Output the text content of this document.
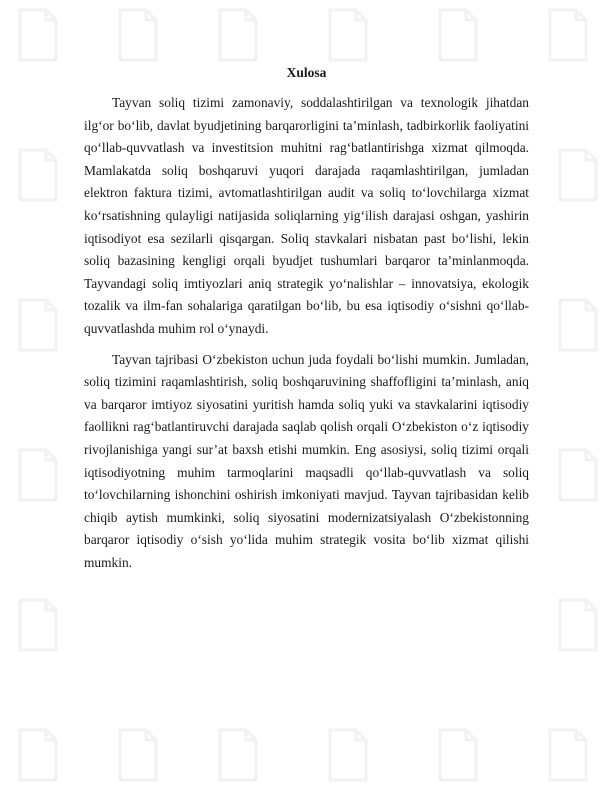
Xulosa

Tayvan soliq tizimi zamonaviy, soddalashtirilgan va texnologik jihatdan ilg‘or bo‘lib, davlat byudjetining barqarorligini ta’minlash, tadbirkorlik faoliyatini qo‘llab-quvvatlash va investitsion muhitni rag‘batlantirishga xizmat qilmoqda. Mamlakatda soliq boshqaruvi yuqori darajada raqamlashtirilgan, jumladan elektron faktura tizimi, avtomatlashtirilgan audit va soliq to‘lovchilarga xizmat ko‘rsatishning qulayligi natijasida soliqlarning yig‘ilish darajasi oshgan, yashirin iqtisodiyot esa sezilarli qisqargan. Soliq stavkalari nisbatan past bo‘lishi, lekin soliq bazasining kengligi orqali byudjet tushumlari barqaror ta’minlanmoqda. Tayvandagi soliq imtiyozlari aniq strategik yo‘nalishlar – innovatsiya, ekologik tozalik va ilm-fan sohalariga qaratilgan bo‘lib, bu esa iqtisodiy o‘sishni qo‘llab-quvvatlashda muhim rol o‘ynaydi.

Tayvan tajribasi O‘zbekiston uchun juda foydali bo‘lishi mumkin. Jumladan, soliq tizimini raqamlashtirish, soliq boshqaruvining shaffofligini ta’minlash, aniq va barqaror imtiyoz siyosatini yuritish hamda soliq yuki va stavkalarini iqtisodiy faollikni rag‘batlantiruvchi darajada saqlab qolish orqali O‘zbekiston o‘z iqtisodiy rivojlanishiga yangi sur’at baxsh etishi mumkin. Eng asosiysi, soliq tizimi orqali iqtisodiyotning muhim tarmoqlarini maqsadli qo‘llab-quvvatlash va soliq to‘lovchilarning ishonchini oshirish imkoniyati mavjud. Tayvan tajribasidan kelib chiqib aytish mumkinki, soliq siyosatini modernizatsiyalash O‘zbekistonning barqaror iqtisodiy o‘sish yo‘lida muhim strategik vosita bo‘lib xizmat qilishi mumkin.
